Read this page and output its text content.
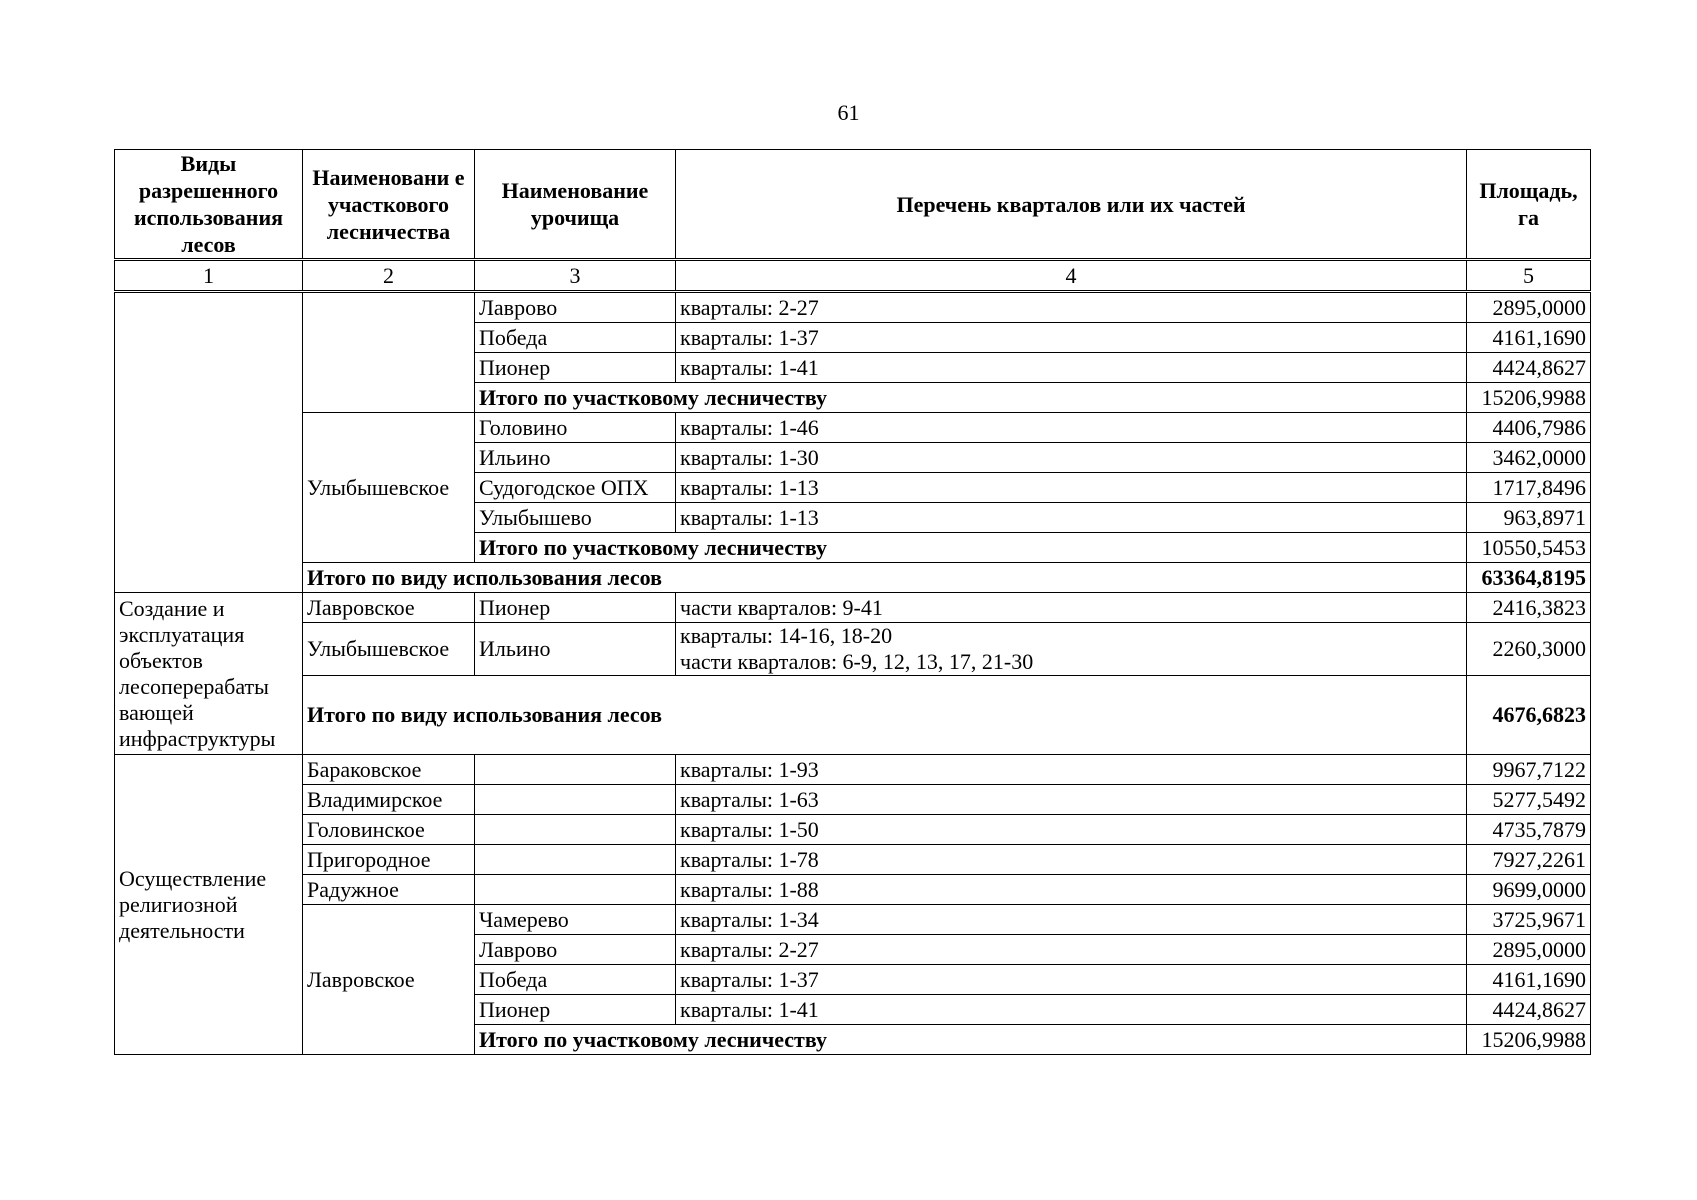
61
Виды разрешенного использования лесов	Наименовани е участкового лесничества	Наименование урочища	Перечень кварталов или их частей	Площадь, га
1	2	3	4	5
		Лаврово	кварталы: 2-27	2895,0000
		Победа	кварталы: 1-37	4161,1690
		Пионер	кварталы: 1-41	4424,8627
		Итого по участковому лесничеству		15206,9988
	Улыбышевское	Головино	кварталы: 1-46	4406,7986
		Ильино	кварталы: 1-30	3462,0000
		Судогодское ОПХ	кварталы: 1-13	1717,8496
		Улыбышево	кварталы: 1-13	963,8971
		Итого по участковому лесничеству		10550,5453
	Итого по виду использования лесов			63364,8195
Создание и эксплуатация объектов лесоперерабаты вающей инфраструктуры	Лавровское	Пионер	части кварталов: 9-41	2416,3823
	Улыбышевское	Ильино	кварталы: 14-16, 18-20
части кварталов: 6-9, 12, 13, 17, 21-30	2260,3000
	Итого по виду использования лесов			4676,6823
Осуществление религиозной деятельности	Бараковское		кварталы: 1-93	9967,7122
	Владимирское		кварталы: 1-63	5277,5492
	Головинское		кварталы: 1-50	4735,7879
	Пригородное		кварталы: 1-78	7927,2261
	Радужное		кварталы: 1-88	9699,0000
	Лавровское	Чамерево	кварталы: 1-34	3725,9671
		Лаврово	кварталы: 2-27	2895,0000
		Победа	кварталы: 1-37	4161,1690
		Пионер	кварталы: 1-41	4424,8627
		Итого по участковому лесничеству		15206,9988
